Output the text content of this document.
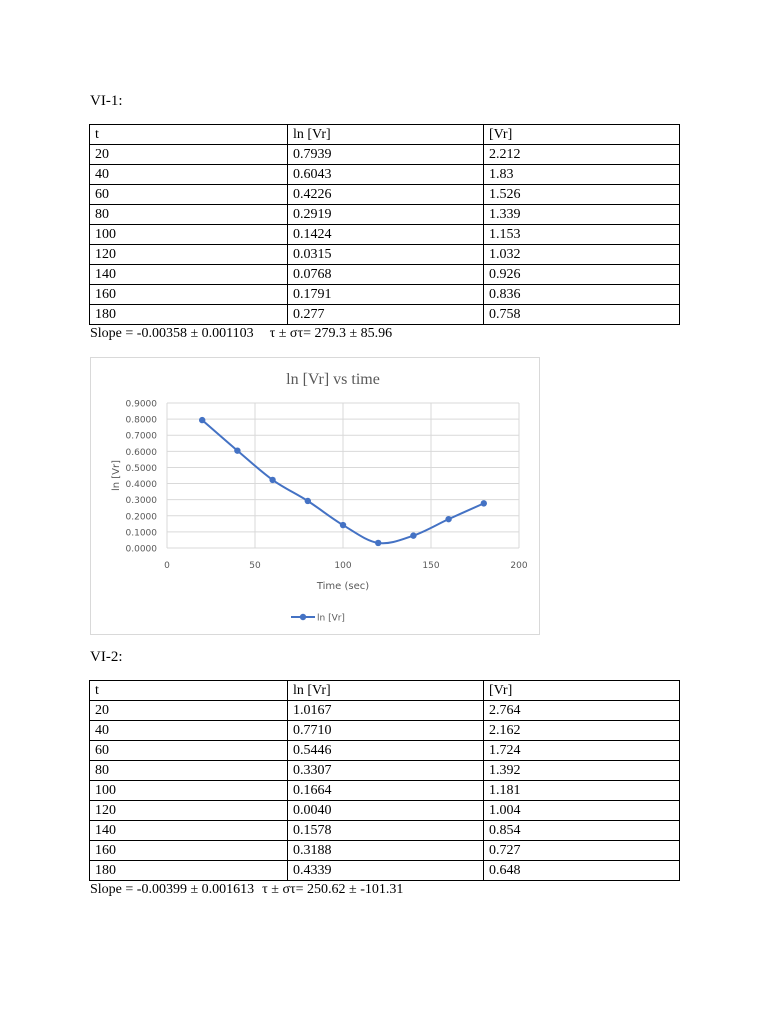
VI-1:
t	ln [Vr]	[Vr]
20	0.7939	2.212
40	0.6043	1.83
60	0.4226	1.526
80	0.2919	1.339
100	0.1424	1.153
120	0.0315	1.032
140	0.0768	0.926
160	0.1791	0.836
180	0.277	0.758
Slope = -0.00358 ± 0.001103 τ ± στ= 279.3 ± 85.96
ln [Vr] vs time
0.0000
0.1000
0.2000
0.3000
0.4000
0.5000
0.6000
0.7000
0.8000
0.9000
0	50	100	150	200
Time (sec)
ln [Vr]
ln [Vr]
VI-2:
t	ln [Vr]	[Vr]
20	1.0167	2.764
40	0.7710	2.162
60	0.5446	1.724
80	0.3307	1.392
100	0.1664	1.181
120	0.0040	1.004
140	0.1578	0.854
160	0.3188	0.727
180	0.4339	0.648
Slope = -0.00399 ± 0.001613 τ ± στ= 250.62 ± -101.31
